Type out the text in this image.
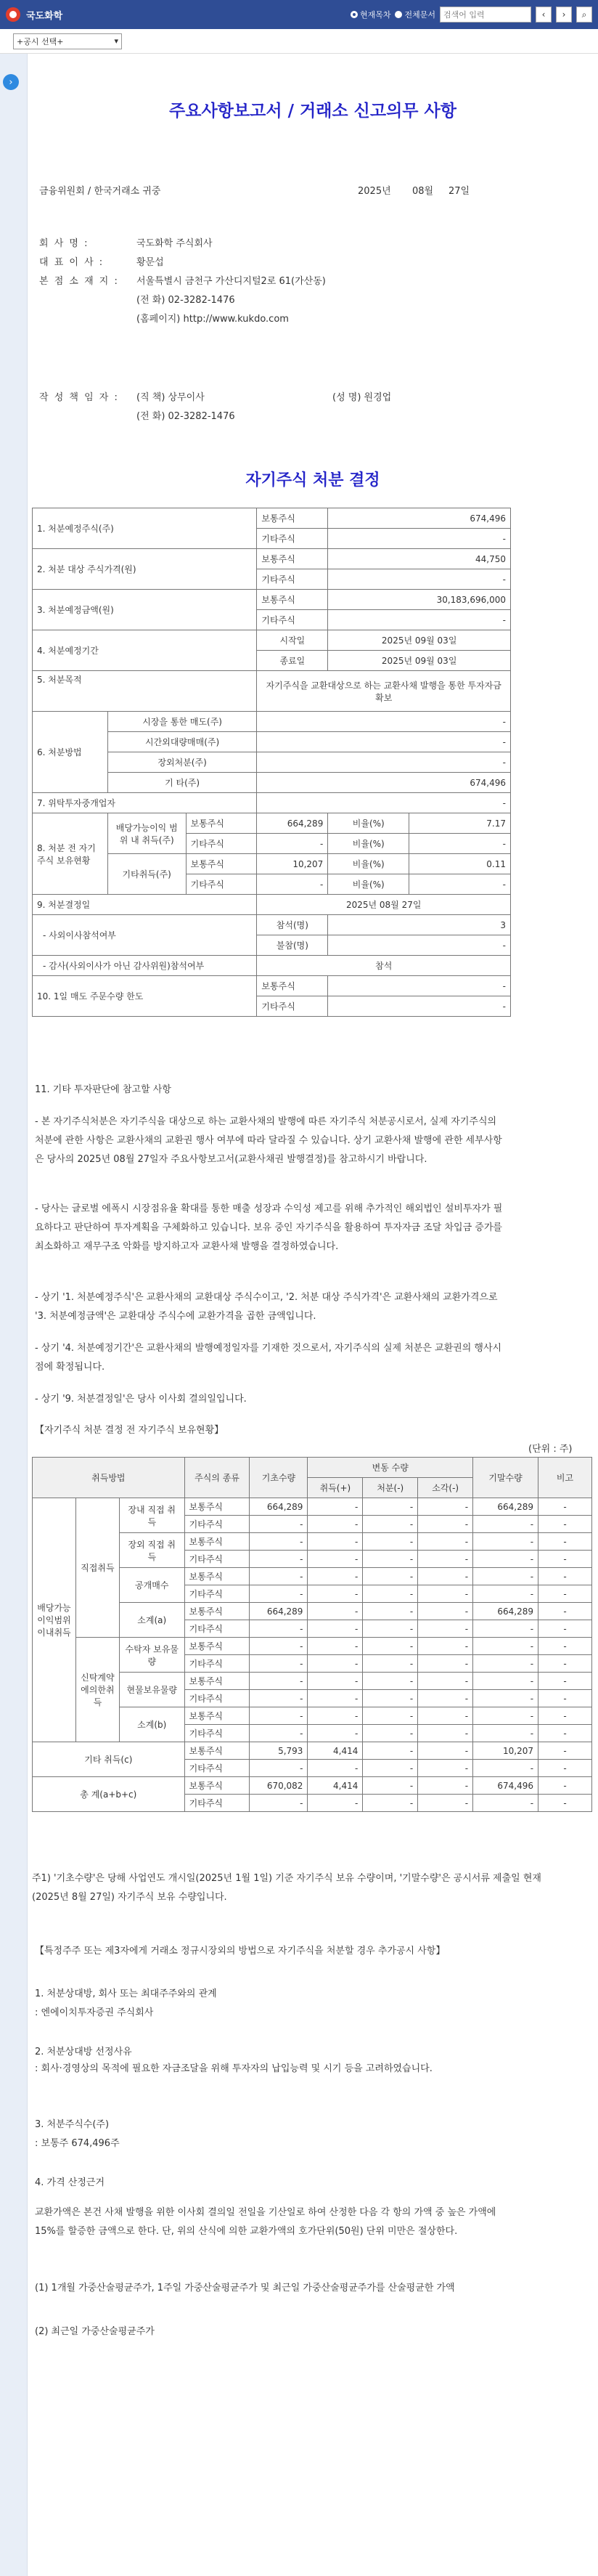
국도화학	현재목차 전체문서
검색어 입력	‹	›	⌕
+공시 선택+	▾
›
주요사항보고서 / 거래소 신고의무 사항
금융위원회 / 한국거래소 귀중	2025년 08월 27일
회 사 명 :	국도화학 주식회사
대 표 이 사 :	황문섭
본 점 소 재 지 : 서울특별시 금천구 가산디지털2로 61(가산동)
(전 화) 02-3282-1476
(홈페이지) http://www.kukdo.com
작 성 책 임 자 : (직 책) 상무이사	(성 명) 원경업
(전 화) 02-3282-1476
자기주식 처분 결정
1. 처분예정주식(주)			보통주식	674,496	
			기타주식	-	
2. 처분 대상 주식가격(원)			보통주식	44,750	
			기타주식	-	
3. 처분예정금액(원)			보통주식	30,183,696,000	
			기타주식	-	
4. 처분예정기간			시작일	2025년 09월 03일	
			종료일	2025년 09월 03일	
5. 처분목적			자기주식을 교환대상으로 하는 교환사채 발행을 통한 투자자금 확보		
6. 처분방법	시장을 통한 매도(주)		-		
	시간외대량매매(주)		-		
	장외처분(주)		-		
	기 타(주)		674,496		
7. 위탁투자중개업자			-		
8. 처분 전 자기주식 보유현황	배당가능이익 범위 내 취득(주)	보통주식	664,289	비율(%)	7.17
		기타주식	-	비율(%)	-
	기타취득(주)	보통주식	10,207	비율(%)	0.11
		기타주식	-	비율(%)	-
9. 처분결정일			2025년 08월 27일		
- 사외이사참석여부			참석(명)	3	
			불참(명)	-	
- 감사(사외이사가 아닌 감사위원)참석여부			참석		
10. 1일 매도 주문수량 한도			보통주식	-	
			기타주식	-	
11. 기타 투자판단에 참고할 사항
- 본 자기주식처분은 자기주식을 대상으로 하는 교환사채의 발행에 따른 자기주식 처분공시로서, 실제 자기주식의 처분에 관한 사항은 교환사채의 교환권 행사 여부에 따라 달라질 수 있습니다. 상기 교환사채 발행에 관한 세부사항은 당사의 2025년 08월 27일자 주요사항보고서(교환사채권 발행결정)를 참고하시기 바랍니다.
- 당사는 글로벌 에폭시 시장점유율 확대를 통한 매출 성장과 수익성 제고를 위해 추가적인 해외법인 설비투자가 필요하다고 판단하여 투자계획을 구체화하고 있습니다. 보유 중인 자기주식을 활용하여 투자자금 조달 차입금 증가를 최소화하고 재무구조 악화를 방지하고자 교환사채 발행을 결정하였습니다.
- 상기 '1. 처분예정주식'은 교환사채의 교환대상 주식수이고, '2. 처분 대상 주식가격'은 교환사채의 교환가격으로 '3. 처분예정금액'은 교환대상 주식수에 교환가격을 곱한 금액입니다.
- 상기 '4. 처분예정기간'은 교환사채의 발행예정일자를 기재한 것으로서, 자기주식의 실제 처분은 교환권의 행사시점에 확정됩니다.
- 상기 '9. 처분결정일'은 당사 이사회 결의일입니다.
【자기주식 처분 결정 전 자기주식 보유현황】
(단위 : 주)
취득방법			주식의 종류	기초수량	변동 수량			기말수량	비고
					취득(+)	처분(-)	소각(-)		
배당가능이익범위이내취득	직접취득	장내 직접 취득	보통주식	664,289	-	-	-	664,289	-
			기타주식	-	-	-	-	-	-
		장외 직접 취득	보통주식	-	-	-	-	-	-
			기타주식	-	-	-	-	-	-
		공개매수	보통주식	-	-	-	-	-	-
			기타주식	-	-	-	-	-	-
		소계(a)	보통주식	664,289	-	-	-	664,289	-
			기타주식	-	-	-	-	-	-
	신탁계약에의한취득	수탁자 보유물량	보통주식	-	-	-	-	-	-
			기타주식	-	-	-	-	-	-
		현물보유물량	보통주식	-	-	-	-	-	-
			기타주식	-	-	-	-	-	-
		소계(b)	보통주식	-	-	-	-	-	-
			기타주식	-	-	-	-	-	-
기타 취득(c)			보통주식	5,793	4,414	-	-	10,207	-
			기타주식	-	-	-	-	-	-
총 계(a+b+c)			보통주식	670,082	4,414	-	-	674,496	-
			기타주식	-	-	-	-	-	-
주1) '기초수량'은 당해 사업연도 개시일(2025년 1월 1일) 기준 자기주식 보유 수량이며, '기말수량'은 공시서류 제출일 현재(2025년 8월 27일) 자기주식 보유 수량입니다.
【특정주주 또는 제3자에게 거래소 정규시장외의 방법으로 자기주식을 처분할 경우 추가공시 사항】
1. 처분상대방, 회사 또는 최대주주와의 관계
: 엔에이치투자증권 주식회사
2. 처분상대방 선정사유
: 회사·경영상의 목적에 필요한 자금조달을 위해 투자자의 납입능력 및 시기 등을 고려하였습니다.
3. 처분주식수(주)
: 보통주 674,496주
4. 가격 산정근거
교환가액은 본건 사채 발행을 위한 이사회 결의일 전일을 기산일로 하여 산정한 다음 각 항의 가액 중 높은 가액에 15%를 할증한 금액으로 한다. 단, 위의 산식에 의한 교환가액의 호가단위(50원) 단위 미만은 절상한다.
(1) 1개월 가중산술평균주가, 1주일 가중산술평균주가 및 최근일 가중산술평균주가를 산술평균한 가액
(2) 최근일 가중산술평균주가
